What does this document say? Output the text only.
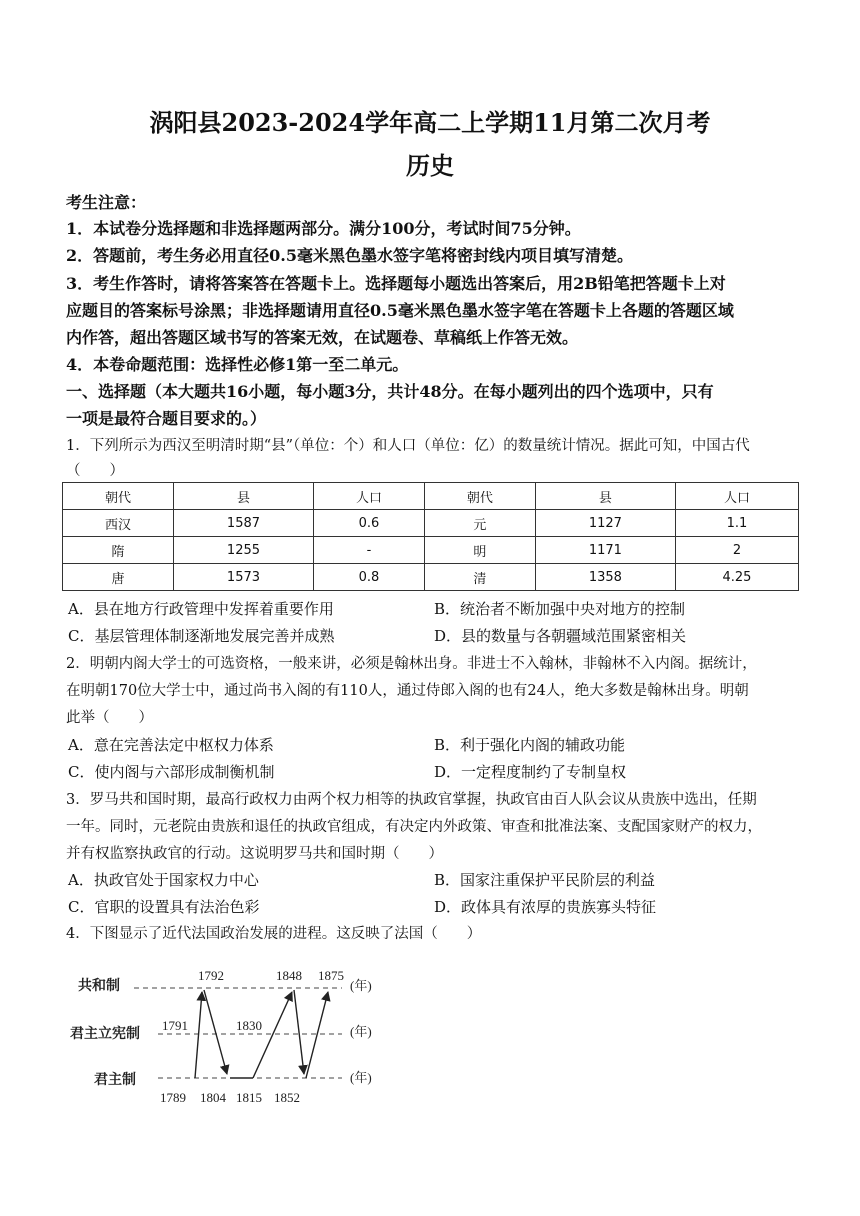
涡阳县2023-2024学年高二上学期11月第二次月考
历史
考生注意：
1．本试卷分选择题和非选择题两部分。满分100分，考试时间75分钟。
2．答题前，考生务必用直径0.5毫米黑色墨水签字笔将密封线内项目填写清楚。
3．考生作答时，请将答案答在答题卡上。选择题每小题选出答案后，用2B铅笔把答题卡上对
应题目的答案标号涂黑；非选择题请用直径0.5毫米黑色墨水签字笔在答题卡上各题的答题区域
内作答，超出答题区域书写的答案无效，在试题卷、草稿纸上作答无效。
4．本卷命题范围：选择性必修1第一至二单元。
一、选择题（本大题共16小题，每小题3分，共计48分。在每小题列出的四个选项中，只有
一项是最符合题目要求的。）
1．下列所示为西汉至明清时期“县”（单位：个）和人口（单位：亿）的数量统计情况。据此可知，中国古代
（　　）
朝代	县	人口	朝代	县	人口
西汉	1587	0.6	元	1127	1.1
隋	1255	-	明	1171	2
唐	1573	0.8	清	1358	4.25
A．县在地方行政管理中发挥着重要作用	B．统治者不断加强中央对地方的控制
C．基层管理体制逐渐地发展完善并成熟	D．县的数量与各朝疆域范围紧密相关
2．明朝内阁大学士的可选资格，一般来讲，必须是翰林出身。非进士不入翰林，非翰林不入内阁。据统计，
在明朝170位大学士中，通过尚书入阁的有110人，通过侍郎入阁的也有24人，绝大多数是翰林出身。明朝
此举（　　）
A．意在完善法定中枢权力体系	B．利于强化内阁的辅政功能
C．使内阁与六部形成制衡机制	D．一定程度制约了专制皇权
3．罗马共和国时期，最高行政权力由两个权力相等的执政官掌握，执政官由百人队会议从贵族中选出，任期
一年。同时，元老院由贵族和退任的执政官组成，有决定内外政策、审查和批准法案、支配国家财产的权力，
并有权监察执政官的行动。这说明罗马共和国时期（　　）
A．执政官处于国家权力中心	B．国家注重保护平民阶层的利益
C．官职的设置具有法治色彩	D．政体具有浓厚的贵族寡头特征
4．下图显示了近代法国政治发展的进程。这反映了法国（　　）
共和制
君主立宪制
君主制
(年)
(年)
(年)
1789
1791
1792
1804 1815
1830
1848
1852
1875
